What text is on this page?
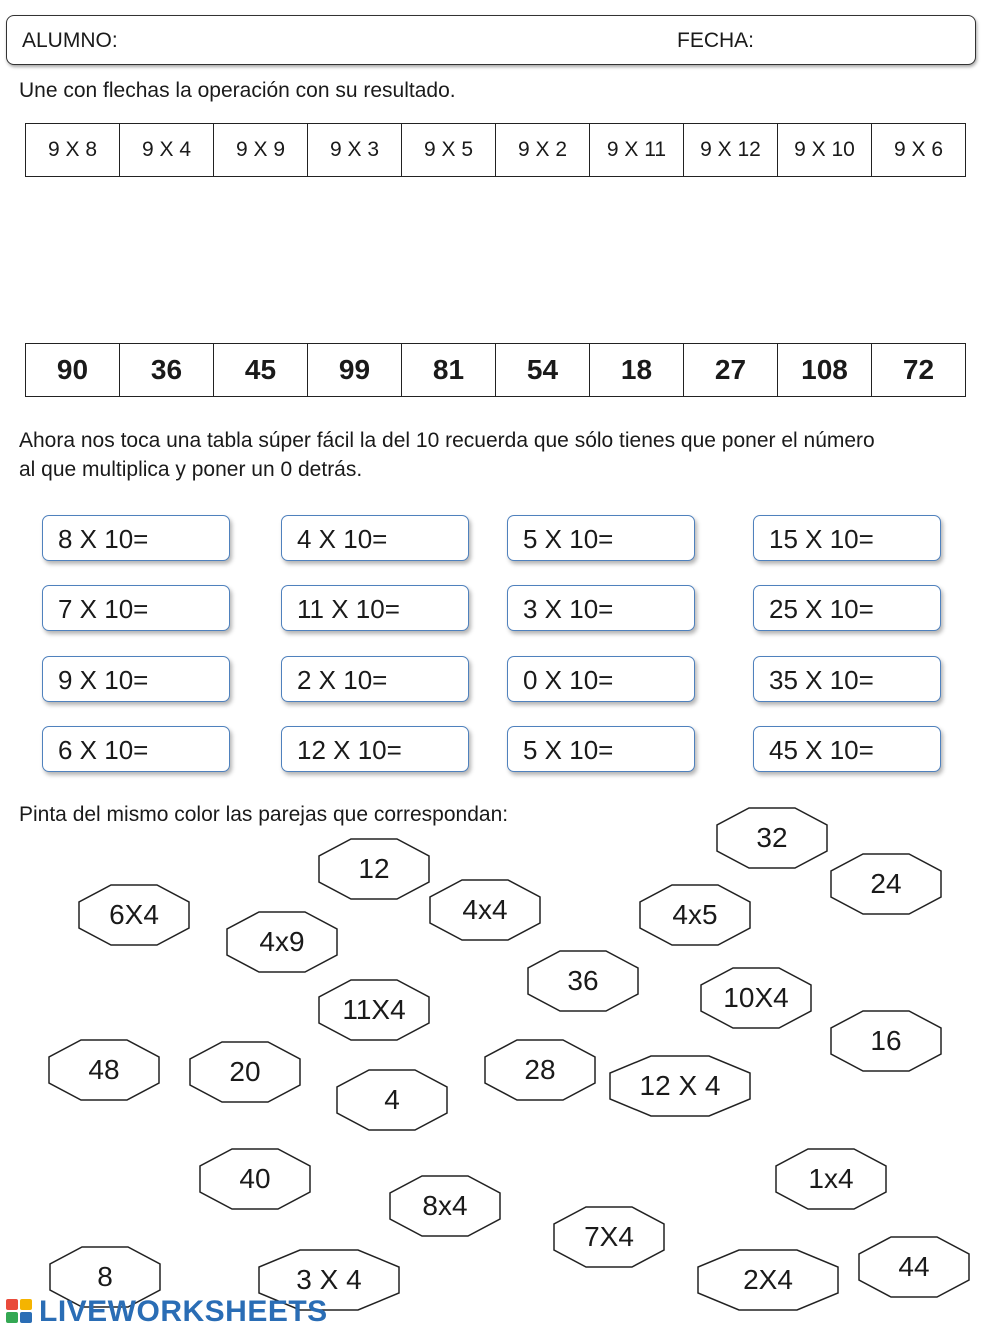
ALUMNO:	FECHA:
Une con flechas la operación con su resultado.
9 X 8	9 X 4	9 X 9	9 X 3	9 X 5	9 X 2	9 X 11	9 X 12	9 X 10	9 X 6
90	36	45	99	81	54	18	27	108	72
Ahora nos toca una tabla súper fácil la del 10 recuerda que sólo tienes que poner el número
al que multiplica y poner un 0 detrás.
8 X 10=	4 X 10=	5 X 10=	15 X 10=
7 X 10=	11 X 10=	3 X 10=	25 X 10=
9 X 10=	2 X 10=	0 X 10=	35 X 10=
6 X 10=	12 X 10=	5 X 10=	45 X 10=
Pinta del mismo color las parejas que correspondan:
32
12	24
6X4	4x4	4x5
4x9
36
10X4
11X4
16
48	20	28
12 X 4
4
40	1x4
8x4
7X4
44
8	3 X 4	2X4
LIVEWORKSHEETS
